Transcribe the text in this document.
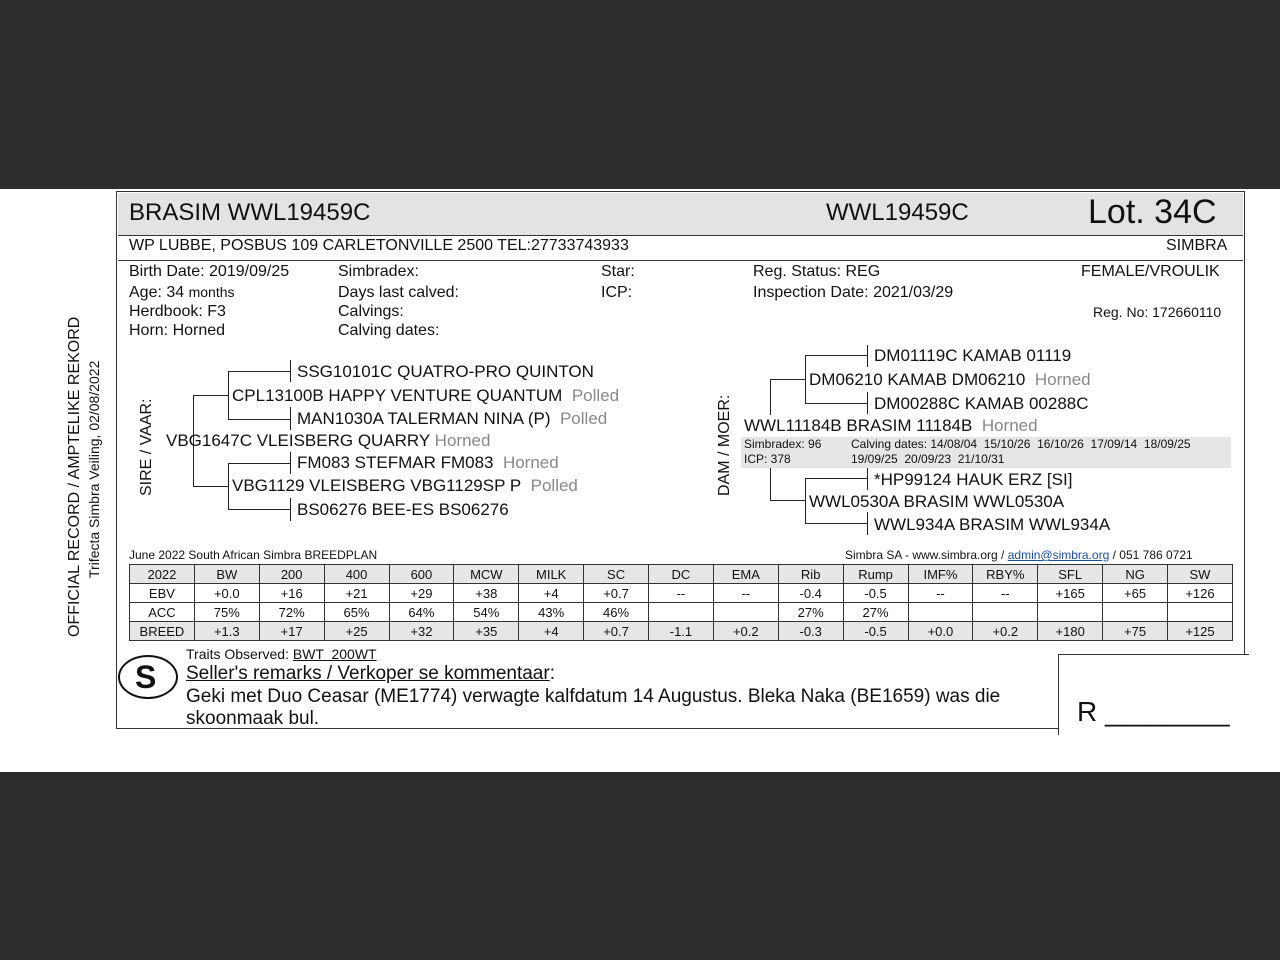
OFFICIAL RECORD / AMPTELIKE REKORD Trifecta Simbra Veiling, 02/08/2022
BRASIM WWL19459C	WWL19459C	Lot. 34C
WP LUBBE, POSBUS 109 CARLETONVILLE 2500 TEL:27733743933	SIMBRA
Birth Date: 2019/09/25
Age: 34 months
Herdbook: F3
Horn: Horned
Simbradex:
Days last calved:
Calvings:
Calving dates:
Star:
ICP:
Reg. Status: REG
Inspection Date: 2021/03/29
FEMALE/VROULIK
Reg. No: 172660110
SIRE / VAAR:	DAM / MOER:
SSG10101C QUATRO-PRO QUINTON
CPL13100B HAPPY VENTURE QUANTUM Polled
MAN1030A TALERMAN NINA (P) Polled
VBG1647C VLEISBERG QUARRY Horned
FM083 STEFMAR FM083 Horned
VBG1129 VLEISBERG VBG1129SP P Polled
BS06276 BEE-ES BS06276
DM01119C KAMAB 01119
DM06210 KAMAB DM06210 Horned
DM00288C KAMAB 00288C
WWL11184B BRASIM 11184B Horned
Simbradex: 96
ICP: 378
Calving dates: 14/08/04  15/10/26  16/10/26  17/09/14  18/09/25
19/09/25  20/09/23  21/10/31
*HP99124 HAUK ERZ [SI]
WWL0530A BRASIM WWL0530A
WWL934A BRASIM WWL934A
June 2022 South African Simbra BREEDPLAN	Simbra SA - www.simbra.org / admin@simbra.org / 051 786 0721
2022	BW	200	400	600	MCW	MILK	SC	DC	EMA	Rib	Rump	IMF%	RBY%	SFL	NG	SW
EBV	+0.0	+16	+21	+29	+38	+4	+0.7	--	--	-0.4	-0.5	--	--	+165	+65	+126
ACC	75%	72%	65%	64%	54%	43%	46%			27%	27%					
BREED	+1.3	+17	+25	+32	+35	+4	+0.7	-1.1	+0.2	-0.3	-0.5	+0.0	+0.2	+180	+75	+125
S
Traits Observed: BWT  200WT
Seller's remarks / Verkoper se kommentaar:
Geki met Duo Ceasar (ME1774) verwagte kalfdatum 14 Augustus. Bleka Naka (BE1659) was die
skoonmaak bul.	R ________
